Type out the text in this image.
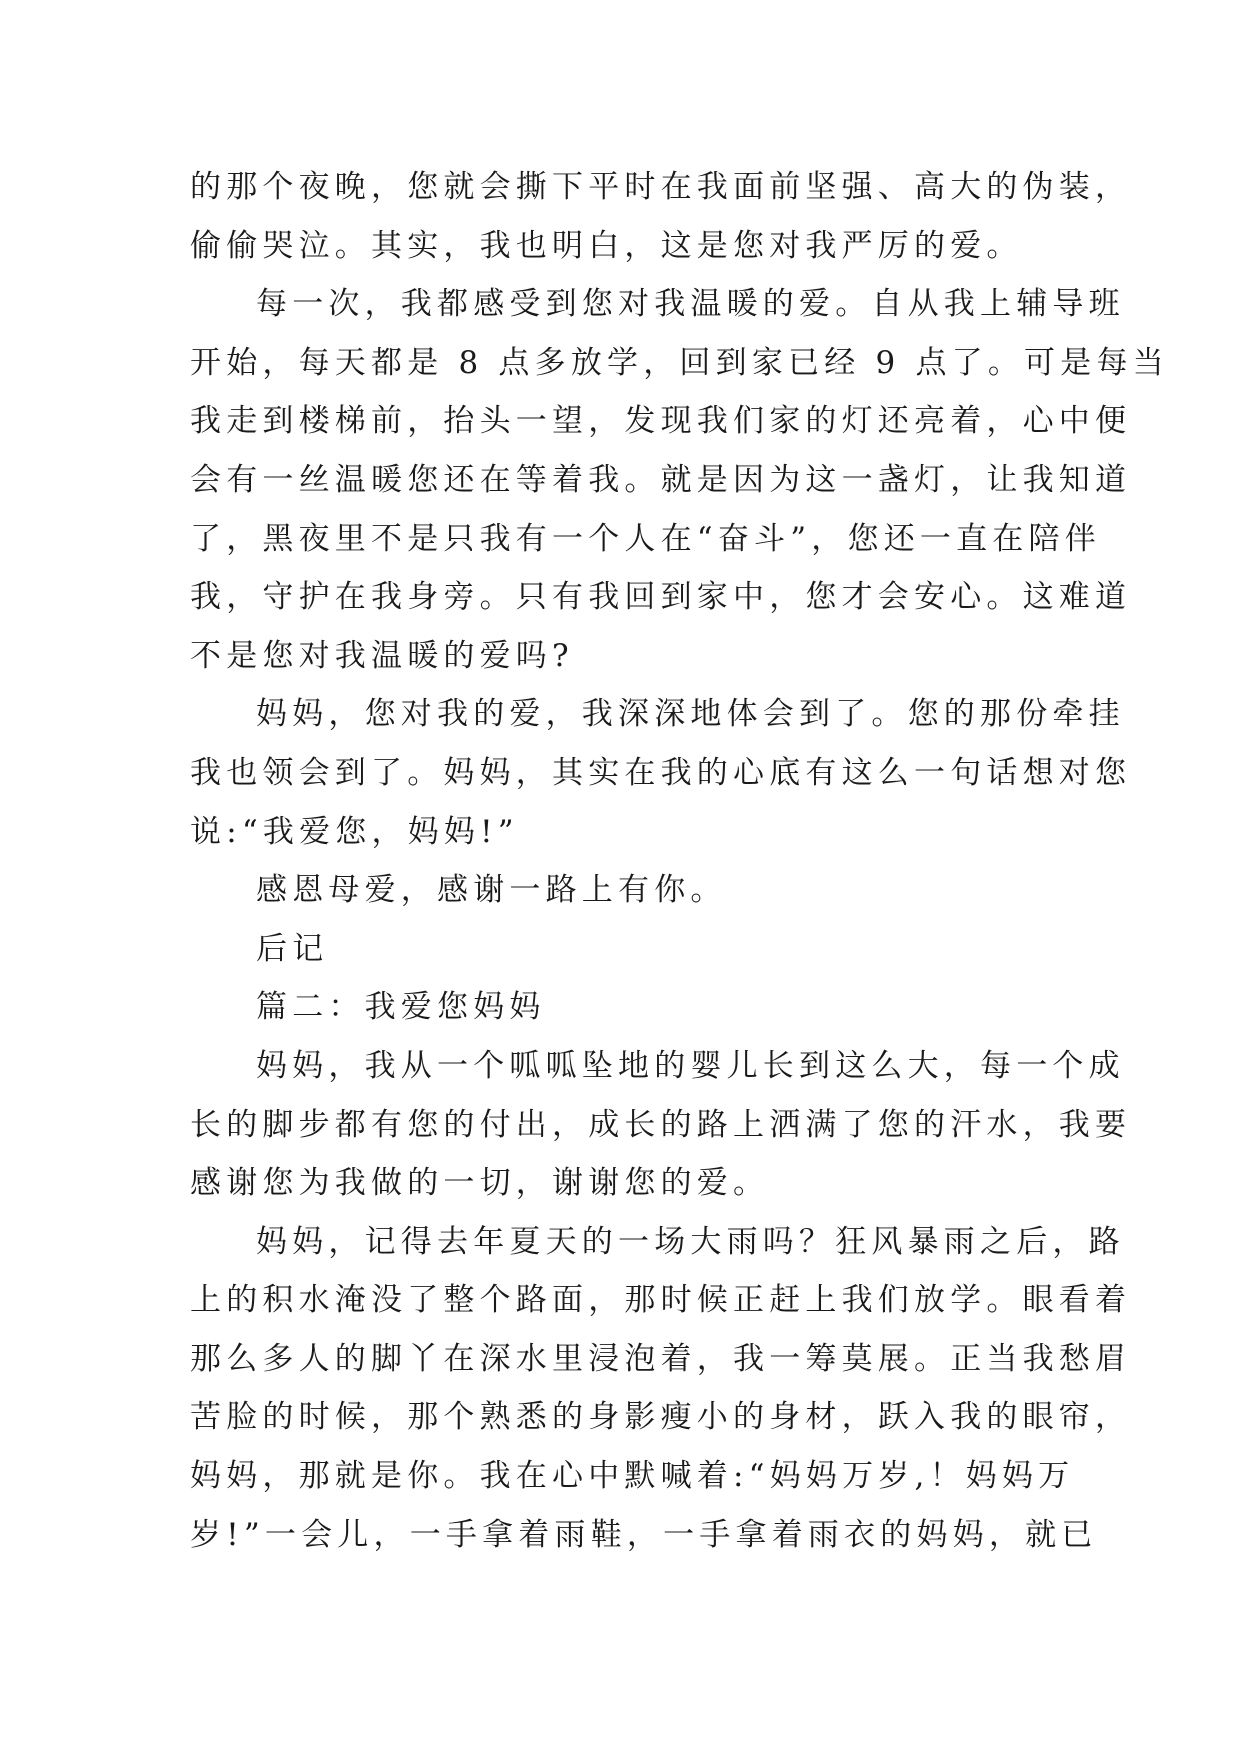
的那个夜晚，您就会撕下平时在我面前坚强、高大的伪装，
偷偷哭泣。其实，我也明白，这是您对我严厉的爱。
每一次，我都感受到您对我温暖的爱。自从我上辅导班
开始，每天都是 8 点多放学，回到家已经 9 点了。可是每当
我走到楼梯前，抬头一望，发现我们家的灯还亮着，心中便
会有一丝温暖您还在等着我。就是因为这一盏灯，让我知道
了，黑夜里不是只我有一个人在“奋斗”，您还一直在陪伴
我，守护在我身旁。只有我回到家中，您才会安心。这难道
不是您对我温暖的爱吗?
妈妈，您对我的爱，我深深地体会到了。您的那份牵挂
我也领会到了。妈妈，其实在我的心底有这么一句话想对您
说:“我爱您，妈妈!”
感恩母爱，感谢一路上有你。
后记
篇二：我爱您妈妈
妈妈，我从一个呱呱坠地的婴儿长到这么大，每一个成
长的脚步都有您的付出，成长的路上洒满了您的汗水，我要
感谢您为我做的一切，谢谢您的爱。
妈妈，记得去年夏天的一场大雨吗？狂风暴雨之后，路
上的积水淹没了整个路面，那时候正赶上我们放学。眼看着
那么多人的脚丫在深水里浸泡着，我一筹莫展。正当我愁眉
苦脸的时候，那个熟悉的身影瘦小的身材，跃入我的眼帘，
妈妈，那就是你。我在心中默喊着:“妈妈万岁,！妈妈万
岁!”一会儿，一手拿着雨鞋，一手拿着雨衣的妈妈，就已
